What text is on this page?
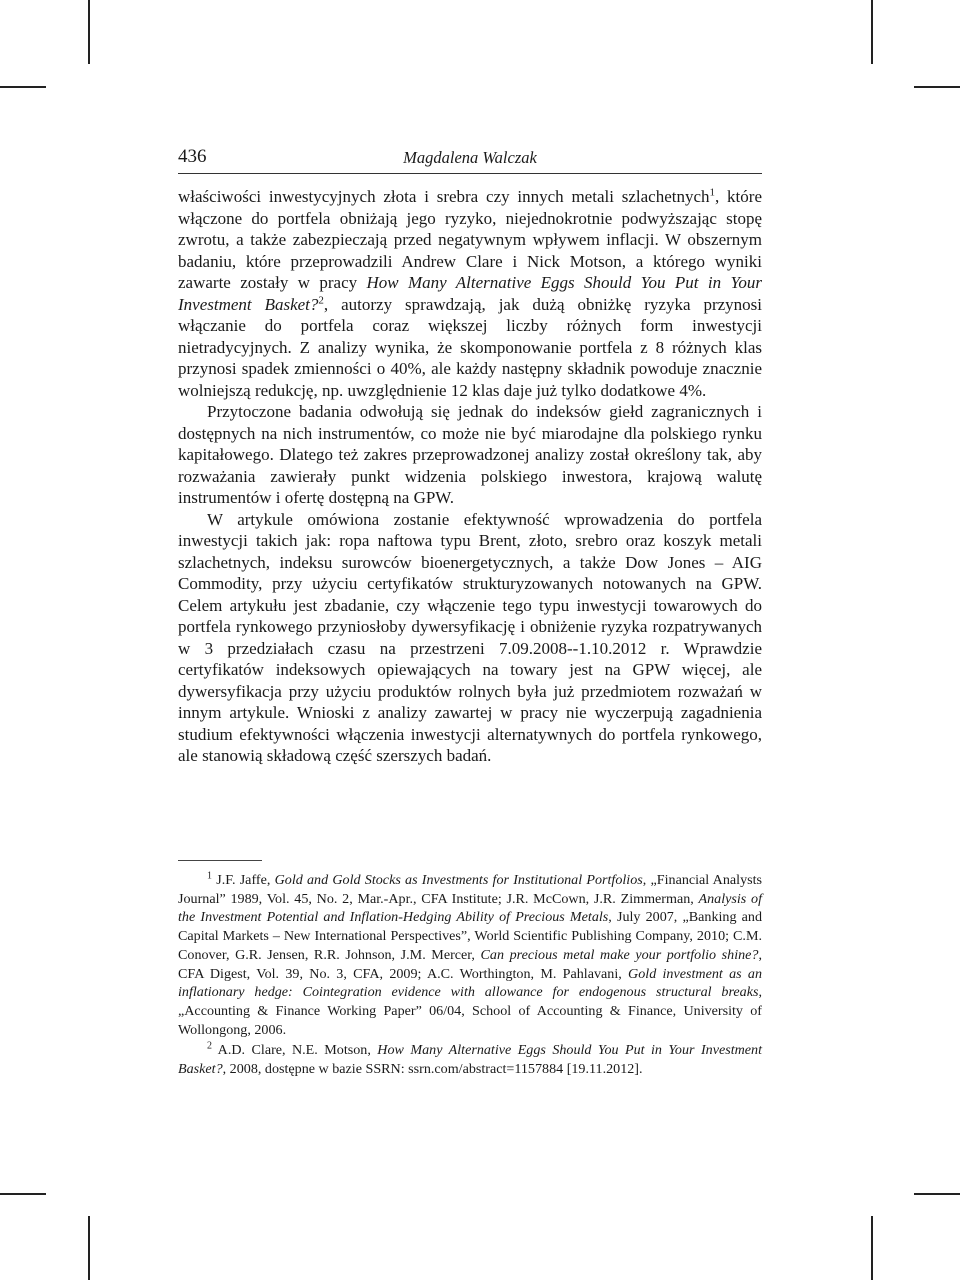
436	Magdalena Walczak

właściwości inwestycyjnych złota i srebra czy innych metali szlachetnych$^1$, które włączone do portfela obniżają jego ryzyko, niejednokrotnie podwyższając stopę zwrotu, a także zabezpieczają przed negatywnym wpływem inflacji. W obszernym badaniu, które przeprowadzili Andrew Clare i Nick Motson, a którego wyniki zawarte zostały w pracy How Many Alternative Eggs Should You Put in Your Investment Basket?$^2$, autorzy sprawdzają, jak dużą obniżkę ryzyka przynosi włączanie do portfela coraz większej liczby różnych form inwestycji nietradycyjnych. Z analizy wynika, że skomponowanie portfela z 8 różnych klas przynosi spadek zmienności o 40%, ale każdy następny składnik powoduje znacznie wolniejszą redukcję, np. uwzględnienie 12 klas daje już tylko dodatkowe 4%.

Przytoczone badania odwołują się jednak do indeksów giełd zagranicznych i dostępnych na nich instrumentów, co może nie być miarodajne dla polskiego rynku kapitałowego. Dlatego też zakres przeprowadzonej analizy został określony tak, aby rozważania zawierały punkt widzenia polskiego inwestora, krajową walutę instrumentów i ofertę dostępną na GPW.

W artykule omówiona zostanie efektywność wprowadzenia do portfela inwestycji takich jak: ropa naftowa typu Brent, złoto, srebro oraz koszyk metali szlachetnych, indeksu surowców bioenergetycznych, a także Dow Jones – AIG Commodity, przy użyciu certyfikatów strukturyzowanych notowanych na GPW. Celem artykułu jest zbadanie, czy włączenie tego typu inwestycji towarowych do portfela rynkowego przyniosłoby dywersyfikację i obniżenie ryzyka rozpatrywanych w 3 przedziałach czasu na przestrzeni 7.09.2008-​-1.10.2012 r. Wprawdzie certyfikatów indeksowych opiewających na towary jest na GPW więcej, ale dywersyfikacja przy użyciu produktów rolnych była już przedmiotem rozważań w innym artykule. Wnioski z analizy zawartej w pracy nie wyczerpują zagadnienia studium efektywności włączenia inwestycji alternatywnych do portfela rynkowego, ale stanowią składową część szerszych badań.

$^1$ J.F. Jaffe, Gold and Gold Stocks as Investments for Institutional Portfolios, „Financial Analysts Journal” 1989, Vol. 45, No. 2, Mar.-Apr., CFA Institute; J.R. McCown, J.R. Zimmerman, Analysis of the Investment Potential and Inflation-Hedging Ability of Precious Metals, July 2007, „Banking and Capital Markets – New International Perspectives”, World Scientific Publishing Company, 2010; C.M. Conover, G.R. Jensen, R.R. Johnson, J.M. Mercer, Can precious metal make your portfolio shine?, CFA Digest, Vol. 39, No. 3, CFA, 2009; A.C. Worthington, M. Pahlavani, Gold investment as an inflationary hedge: Cointegration evidence with allowance for endogenous structural breaks, „Accounting & Finance Working Paper” 06/04, School of Accounting & Finance, University of Wollongong, 2006.

$^2$ A.D. Clare, N.E. Motson, How Many Alternative Eggs Should You Put in Your Investment Basket?, 2008, dostępne w bazie SSRN: ssrn.com/abstract=1157884 [19.11.2012].
